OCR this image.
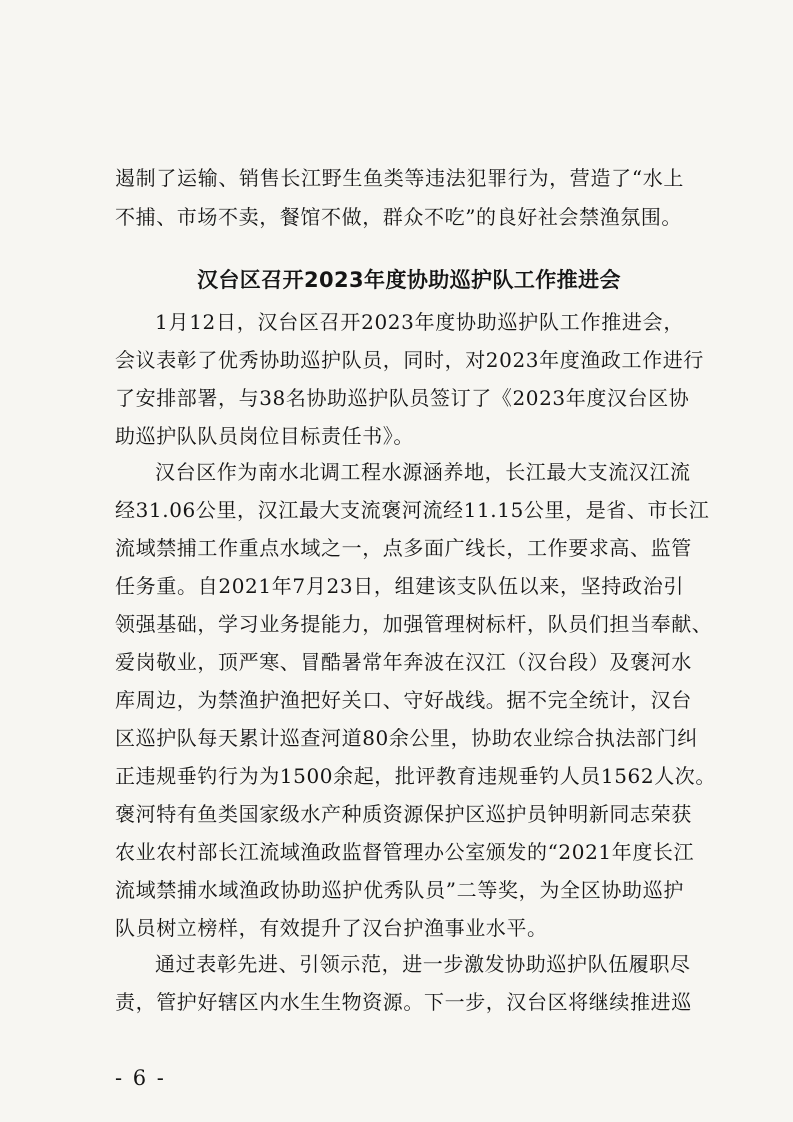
遏制了运输、销售长江野生鱼类等违法犯罪行为，营造了“水上
不捕、市场不卖，餐馆不做，群众不吃”的良好社会禁渔氛围。
汉台区召开2023年度协助巡护队工作推进会
1月12日，汉台区召开2023年度协助巡护队工作推进会，
会议表彰了优秀协助巡护队员，同时，对2023年度渔政工作进行
了安排部署，与38名协助巡护队员签订了《2023年度汉台区协
助巡护队队员岗位目标责任书》。
汉台区作为南水北调工程水源涵养地，长江最大支流汉江流
经31.06公里，汉江最大支流褒河流经11.15公里，是省、市长江
流域禁捕工作重点水域之一，点多面广线长，工作要求高、监管
任务重。自2021年7月23日，组建该支队伍以来，坚持政治引
领强基础，学习业务提能力，加强管理树标杆，队员们担当奉献、
爱岗敬业，顶严寒、冒酷暑常年奔波在汉江（汉台段）及褒河水
库周边，为禁渔护渔把好关口、守好战线。据不完全统计，汉台
区巡护队每天累计巡查河道80余公里，协助农业综合执法部门纠
正违规垂钓行为为1500余起，批评教育违规垂钓人员1562人次。
褒河特有鱼类国家级水产种质资源保护区巡护员钟明新同志荣获
农业农村部长江流域渔政监督管理办公室颁发的“2021年度长江
流域禁捕水域渔政协助巡护优秀队员”二等奖，为全区协助巡护
队员树立榜样，有效提升了汉台护渔事业水平。
通过表彰先进、引领示范，进一步激发协助巡护队伍履职尽
责，管护好辖区内水生生物资源。下一步，汉台区将继续推进巡
- 6 -
